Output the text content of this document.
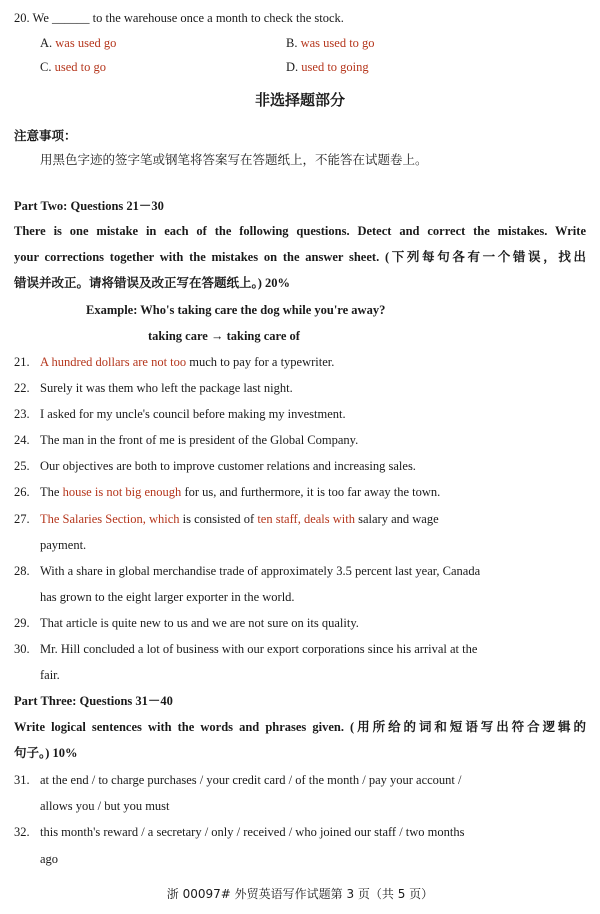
20. We ______ to the warehouse once a month to check the stock.
A. was used go	B. was used to go
C. used to go	D. used to going
非选择题部分
注意事项：
用黑色字迹的签字笔或钢笔将答案写在答题纸上，不能答在试题卷上。
Part Two: Questions 21－30
There is one mistake in each of the following questions. Detect and correct the mistakes. Write
your corrections together with the mistakes on the answer sheet. (下列每句各有一个错误，找出
错误并改正。请将错误及改正写在答题纸上。) 20%
Example: Who's taking care the dog while you're away?
taking care → taking care of
21. A hundred dollars are not too much to pay for a typewriter.
22. Surely it was them who left the package last night.
23. I asked for my uncle's council before making my investment.
24. The man in the front of me is president of the Global Company.
25. Our objectives are both to improve customer relations and increasing sales.
26. The house is not big enough for us, and furthermore, it is too far away the town.
27. The Salaries Section, which is consisted of ten staff, deals with salary and wage
payment.
28. With a share in global merchandise trade of approximately 3.5 percent last year, Canada
has grown to the eight larger exporter in the world.
29. That article is quite new to us and we are not sure on its quality.
30. Mr. Hill concluded a lot of business with our export corporations since his arrival at the
fair.
Part Three: Questions 31－40
Write logical sentences with the words and phrases given. (用所给的词和短语写出符合逻辑的
句子。) 10%
31. at the end / to charge purchases / your credit card / of the month / pay your account /
allows you / but you must
32. this month's reward / a secretary / only / received / who joined our staff / two months
ago
浙 00097# 外贸英语写作试题第 3 页（共 5 页）
